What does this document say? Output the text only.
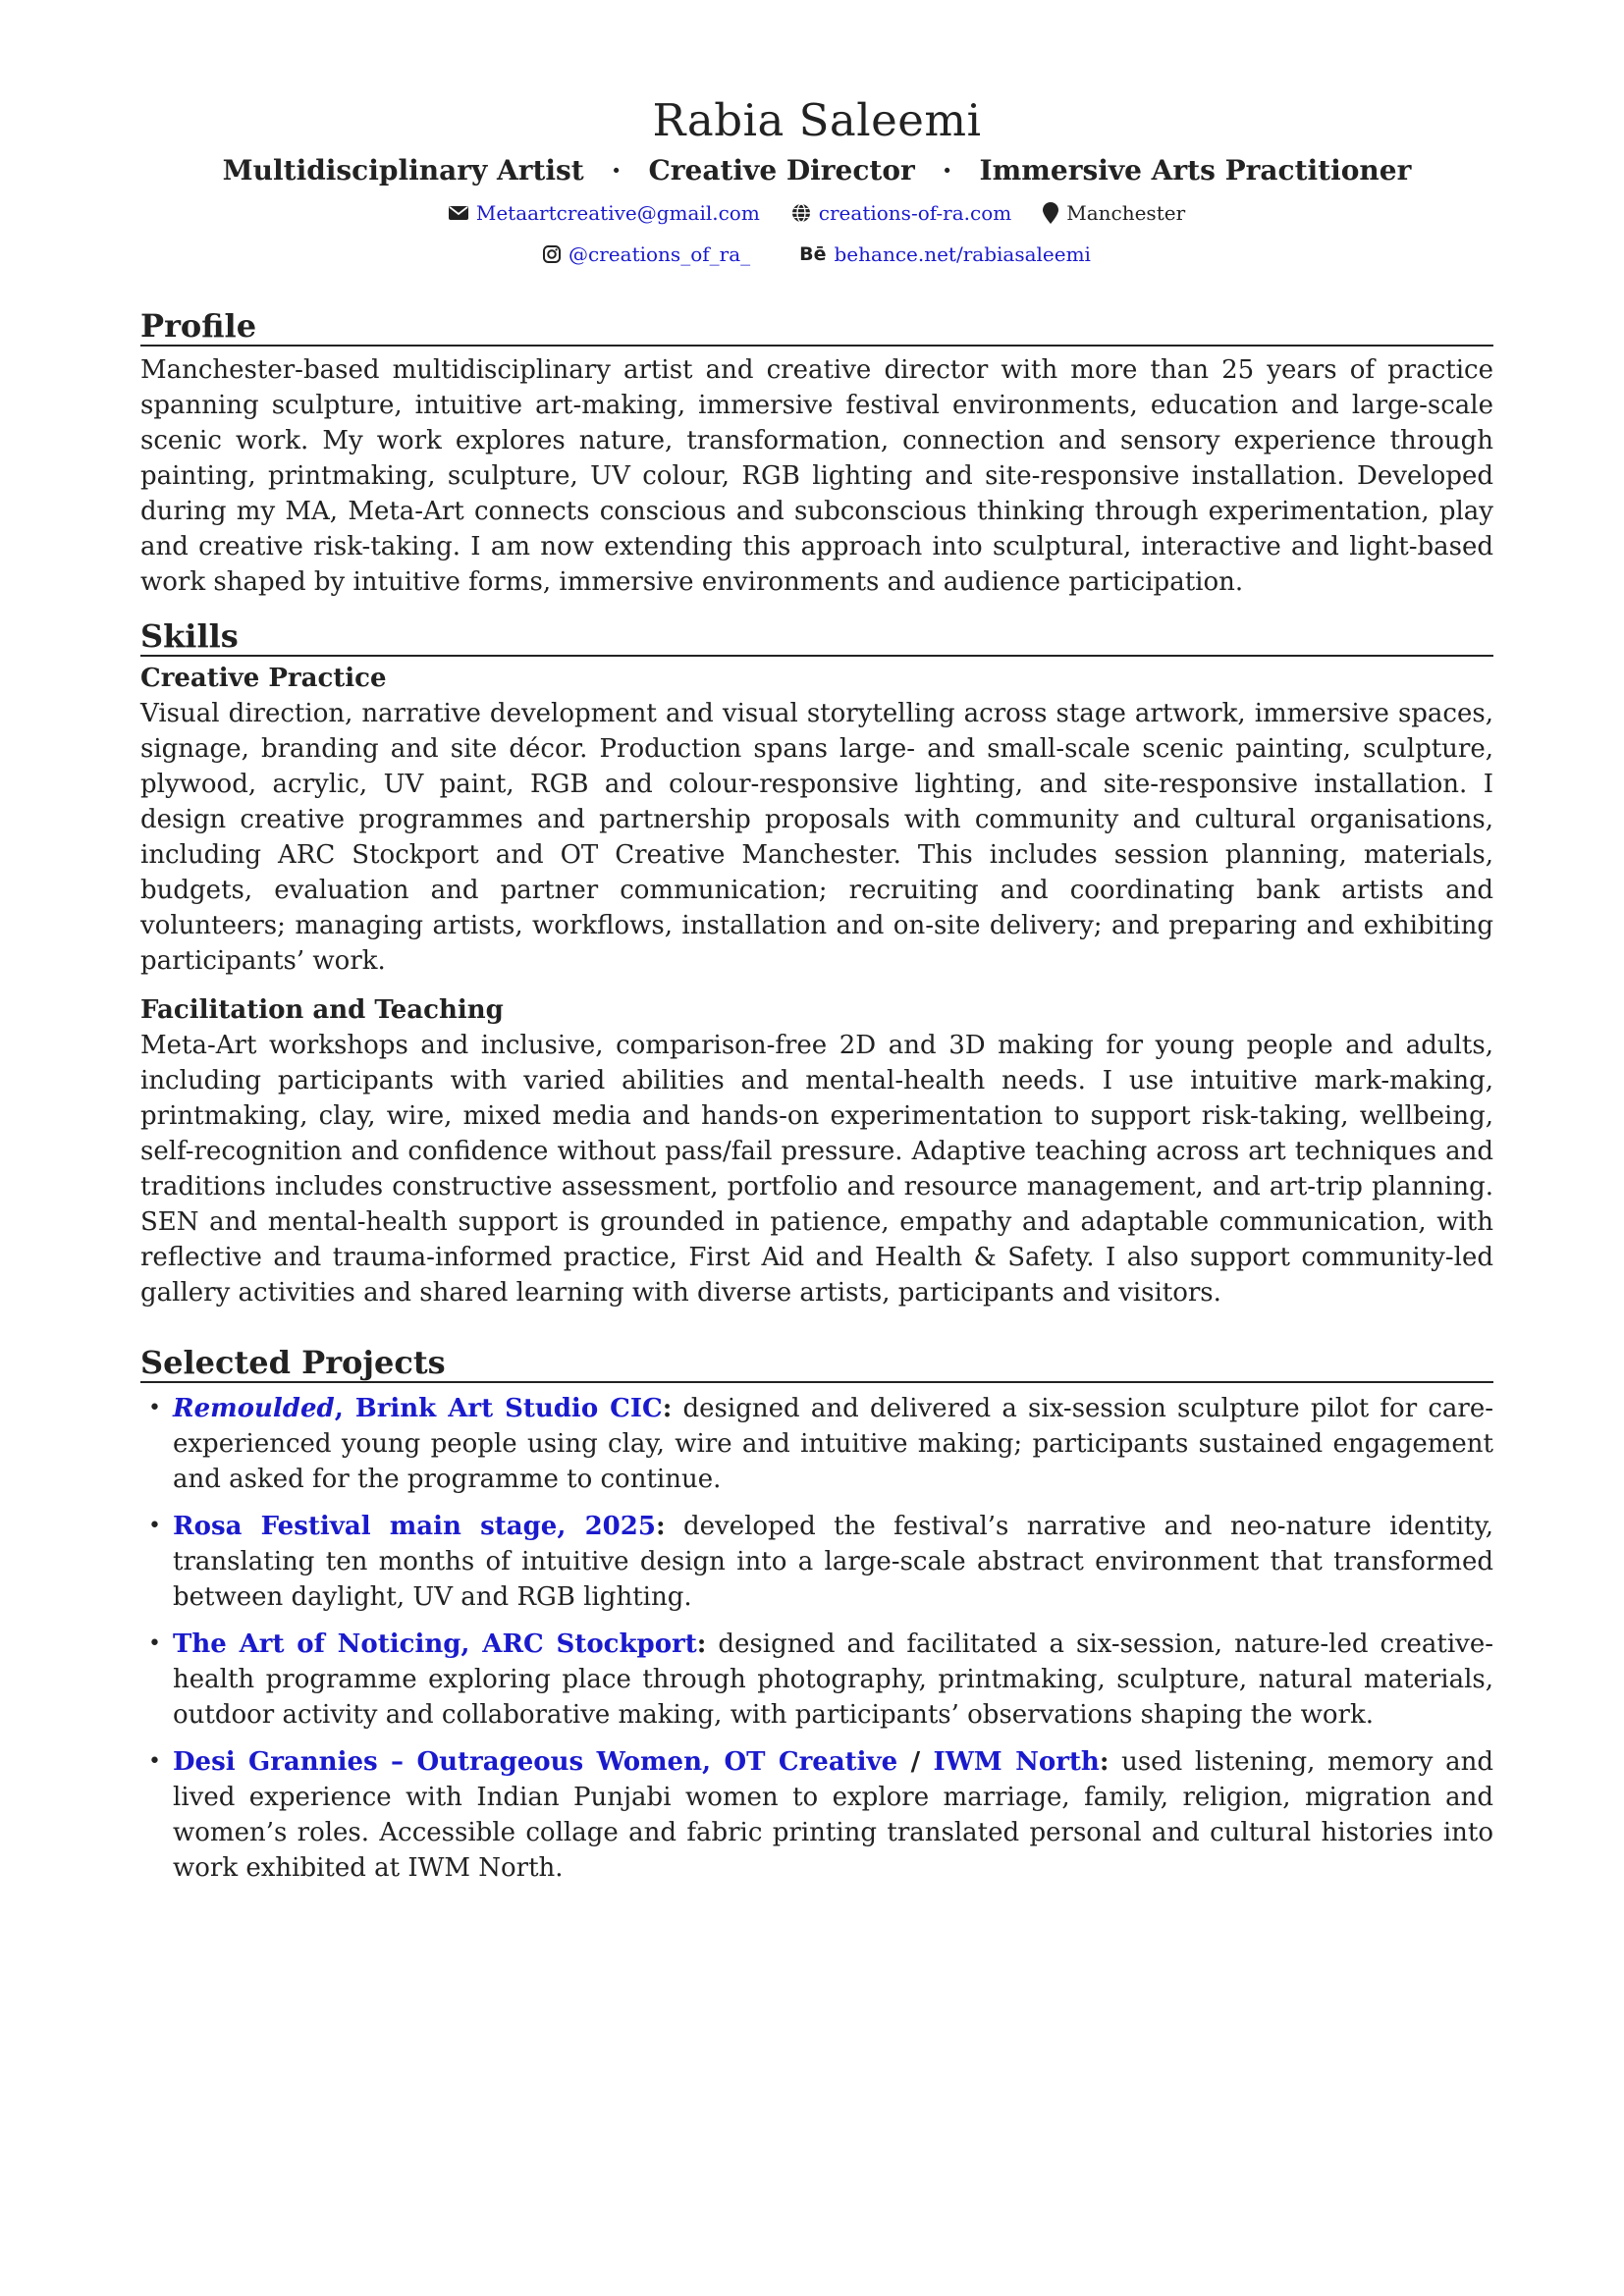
Rabia Saleemi
Multidisciplinary Artist · Creative Director · Immersive Arts Practitioner
Metaartcreative@gmail.com	creations-of-ra.com	Manchester
@creations_of_ra_	Bē behance.net/rabiasaleemi
Profile

Manchester-based multidisciplinary artist and creative director with more than 25 years of practice spanning sculpture, intuitive art-making, immersive festival environments, education and large-scale scenic work. My work explores nature, transformation, connection and sensory experience through painting, printmaking, sculpture, UV colour, RGB lighting and site-responsive installation. Developed during my MA, Meta-Art connects conscious and subconscious thinking through experimentation, play and creative risk-taking. I am now extending this approach into sculptural, interactive and light-based work shaped by intuitive forms, immersive environments and audience participation.

Skills
Creative Practice

Visual direction, narrative development and visual storytelling across stage artwork, immersive spaces, signage, branding and site décor. Production spans large- and small-scale scenic painting, sculpture, plywood, acrylic, UV paint, RGB and colour-responsive lighting, and site-responsive installation. I design creative programmes and partnership proposals with community and cultural organisations, including ARC Stockport and OT Creative Manchester. This includes session planning, materials, budgets, evaluation and partner communication; recruiting and coordinating bank artists and volunteers; managing artists, workflows, installation and on-site delivery; and preparing and exhibiting participants’ work.

Facilitation and Teaching

Meta-Art workshops and inclusive, comparison-free 2D and 3D making for young people and adults, including participants with varied abilities and mental-health needs. I use intuitive mark-making, printmaking, clay, wire, mixed media and hands-on experimentation to support risk-taking, wellbeing, self-recognition and confidence without pass/fail pressure. Adaptive teaching across art techniques and traditions includes constructive assessment, portfolio and resource management, and art-trip planning. SEN and mental-health support is grounded in patience, empathy and adaptable communication, with reflective and trauma-informed practice, First Aid and Health & Safety. I also support community-led gallery activities and shared learning with diverse artists, participants and visitors.

Selected Projects
• Remoulded, Brink Art Studio CIC: designed and delivered a six-session sculpture pilot for care-experienced young people using clay, wire and intuitive making; participants sustained engagement and asked for the programme to continue.
• Rosa Festival main stage, 2025: developed the festival’s narrative and neo-nature identity, translating ten months of intuitive design into a large-scale abstract environment that transformed between daylight, UV and RGB lighting.
• The Art of Noticing, ARC Stockport: designed and facilitated a six-session, nature-led creative-health programme exploring place through photography, printmaking, sculpture, natural materials, outdoor activity and collaborative making, with participants’ observations shaping the work.
• Desi Grannies – Outrageous Women, OT Creative / IWM North: used listening, memory and lived experience with Indian Punjabi women to explore marriage, family, religion, migration and women’s roles. Accessible collage and fabric printing translated personal and cultural histories into work exhibited at IWM North.
